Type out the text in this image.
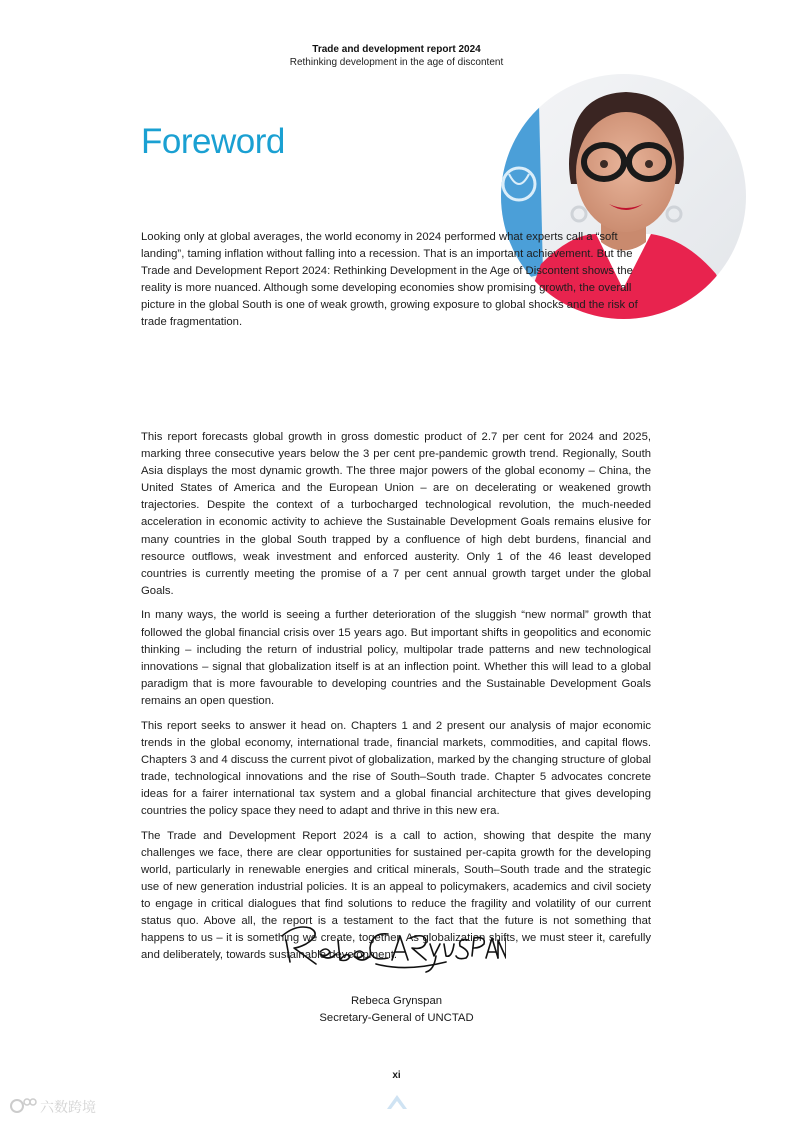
Trade and development report 2024
Rethinking development in the age of discontent
Foreword

Looking only at global averages, the world economy in 2024 performed what experts call a “soft landing”, taming inflation without falling into a recession. That is an important achievement. But the Trade and Development Report 2024: Rethinking Development in the Age of Discontent shows the reality is more nuanced. Although some developing economies show promising growth, the overall picture in the global South is one of weak growth, growing exposure to global shocks and the risk of trade fragmentation.

This report forecasts global growth in gross domestic product of 2.7 per cent for 2024 and 2025, marking three consecutive years below the 3 per cent pre-pandemic growth trend. Regionally, South Asia displays the most dynamic growth. The three major powers of the global economy – China, the United States of America and the European Union – are on decelerating or weakened growth trajectories. Despite the context of a turbocharged technological revolution, the much-needed acceleration in economic activity to achieve the Sustainable Development Goals remains elusive for many countries in the global South trapped by a confluence of high debt burdens, financial and resource outflows, weak investment and enforced austerity. Only 1 of the 46 least developed countries is currently meeting the promise of a 7 per cent annual growth target under the global Goals.

In many ways, the world is seeing a further deterioration of the sluggish “new normal” growth that followed the global financial crisis over 15 years ago. But important shifts in geopolitics and economic thinking – including the return of industrial policy, multipolar trade patterns and new technological innovations – signal that globalization itself is at an inflection point. Whether this will lead to a global paradigm that is more favourable to developing countries and the Sustainable Development Goals remains an open question.

This report seeks to answer it head on. Chapters 1 and 2 present our analysis of major economic trends in the global economy, international trade, financial markets, commodities, and capital flows. Chapters 3 and 4 discuss the current pivot of globalization, marked by the changing structure of global trade, technological innovations and the rise of South–South trade. Chapter 5 advocates concrete ideas for a fairer international tax system and a global financial architecture that gives developing countries the policy space they need to adapt and thrive in this new era.

The Trade and Development Report 2024 is a call to action, showing that despite the many challenges we face, there are clear opportunities for sustained per-capita growth for the developing world, particularly in renewable energies and critical minerals, South–South trade and the strategic use of new generation industrial policies. It is an appeal to policymakers, academics and civil society to engage in critical dialogues that find solutions to reduce the fragility and volatility of our current status quo. Above all, the report is a testament to the fact that the future is not something that happens to us – it is something we create, together. As globalization shifts, we must steer it, carefully and deliberately, towards sustainable development.

Rebeca Grynspan
Secretary-General of UNCTAD
xi
六数跨境
